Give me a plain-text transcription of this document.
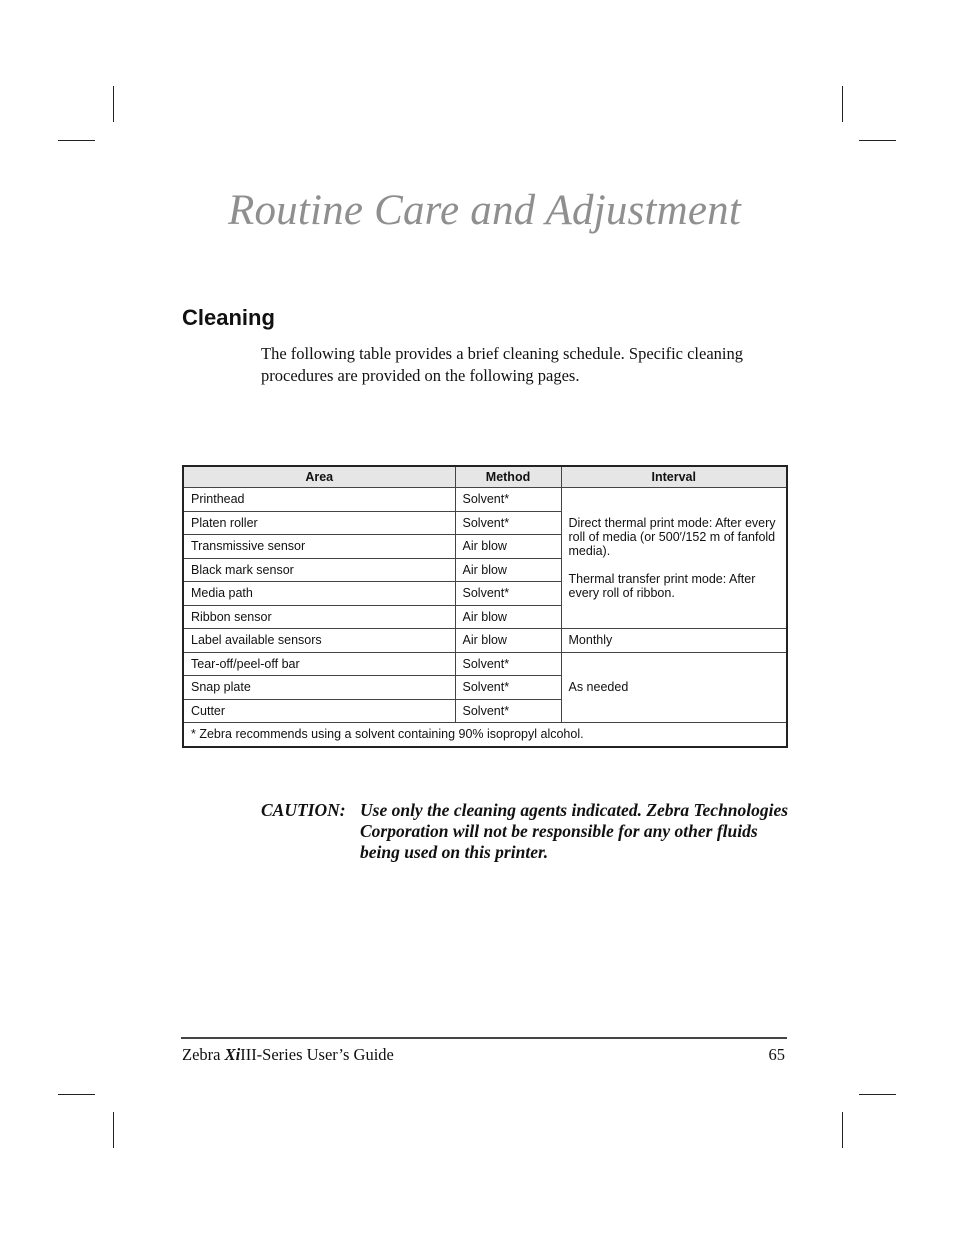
Routine Care and Adjustment
Cleaning
The following table provides a brief cleaning schedule. Specific cleaning procedures are provided on the following pages.
Area	Method	Interval
Printhead	Solvent*	Direct thermal print mode: After every roll of media (or 500′/152 m of fanfold media).
Thermal transfer print mode: After every roll of ribbon.

Platen roller	Solvent*	
Transmissive sensor	Air blow	
Black mark sensor	Air blow	
Media path	Solvent*	
Ribbon sensor	Air blow	
Label available sensors	Air blow	Monthly
Tear-off/peel-off bar	Solvent*	As needed
Snap plate	Solvent*	
Cutter	Solvent*	
* Zebra recommends using a solvent containing 90% isopropyl alcohol.		
CAUTION: Use only the cleaning agents indicated. Zebra Technologies Corporation will not be responsible for any other fluids being used on this printer.
Zebra XiIII-Series User’s Guide	65
